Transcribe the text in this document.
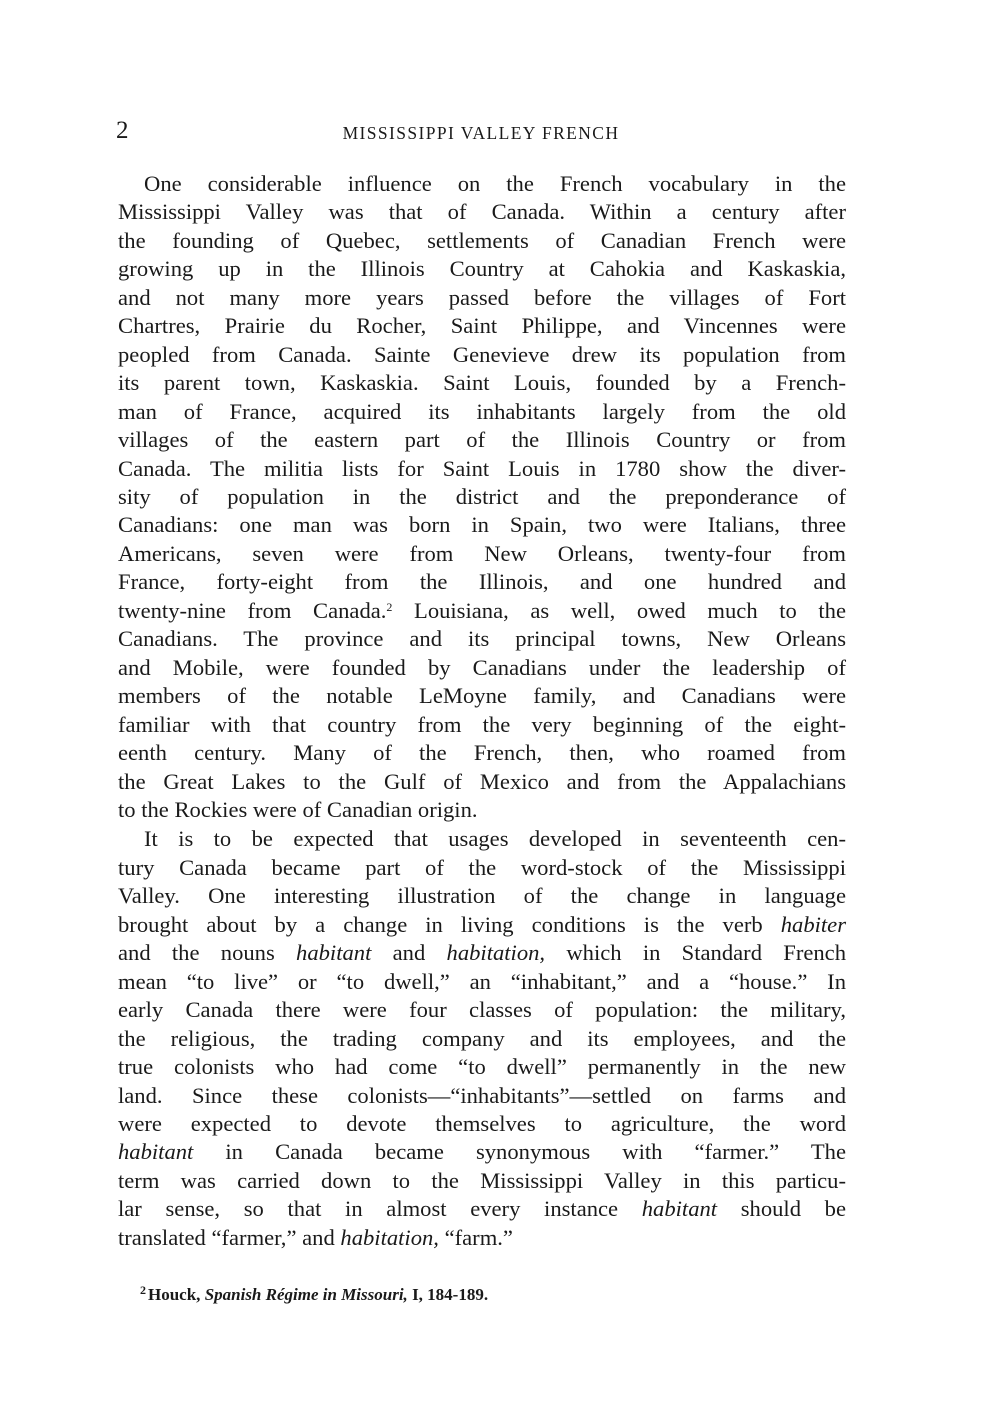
2	MISSISSIPPI VALLEY FRENCH
One considerable influence on the French vocabulary in the
Mississippi Valley was that of Canada. Within a century after
the founding of Quebec, settlements of Canadian French were
growing up in the Illinois Country at Cahokia and Kaskaskia,
and not many more years passed before the villages of Fort
Chartres, Prairie du Rocher, Saint Philippe, and Vincennes were
peopled from Canada. Sainte Genevieve drew its population from
its parent town, Kaskaskia. Saint Louis, founded by a French-
man of France, acquired its inhabitants largely from the old
villages of the eastern part of the Illinois Country or from
Canada. The militia lists for Saint Louis in 1780 show the diver-
sity of population in the district and the preponderance of
Canadians: one man was born in Spain, two were Italians, three
Americans, seven were from New Orleans, twenty-four from
France, forty-eight from the Illinois, and one hundred and
twenty-nine from Canada.$^2$ Louisiana, as well, owed much to the
Canadians. The province and its principal towns, New Orleans
and Mobile, were founded by Canadians under the leadership of
members of the notable LeMoyne family, and Canadians were
familiar with that country from the very beginning of the eight-
eenth century. Many of the French, then, who roamed from
the Great Lakes to the Gulf of Mexico and from the Appalachians
to the Rockies were of Canadian origin.
It is to be expected that usages developed in seventeenth cen-
tury Canada became part of the word-stock of the Mississippi
Valley. One interesting illustration of the change in language
brought about by a change in living conditions is the verb habiter
and the nouns habitant and habitation, which in Standard French
mean “to live” or “to dwell,” an “inhabitant,” and a “house.” In
early Canada there were four classes of population: the military,
the religious, the trading company and its employees, and the
true colonists who had come “to dwell” permanently in the new
land. Since these colonists—“inhabitants”—settled on farms and
were expected to devote themselves to agriculture, the word
habitant in Canada became synonymous with “farmer.” The
term was carried down to the Mississippi Valley in this particu-
lar sense, so that in almost every instance habitant should be
translated “farmer,” and habitation, “farm.”
$^2$ Houck, Spanish Régime in Missouri, I, 184-189.
